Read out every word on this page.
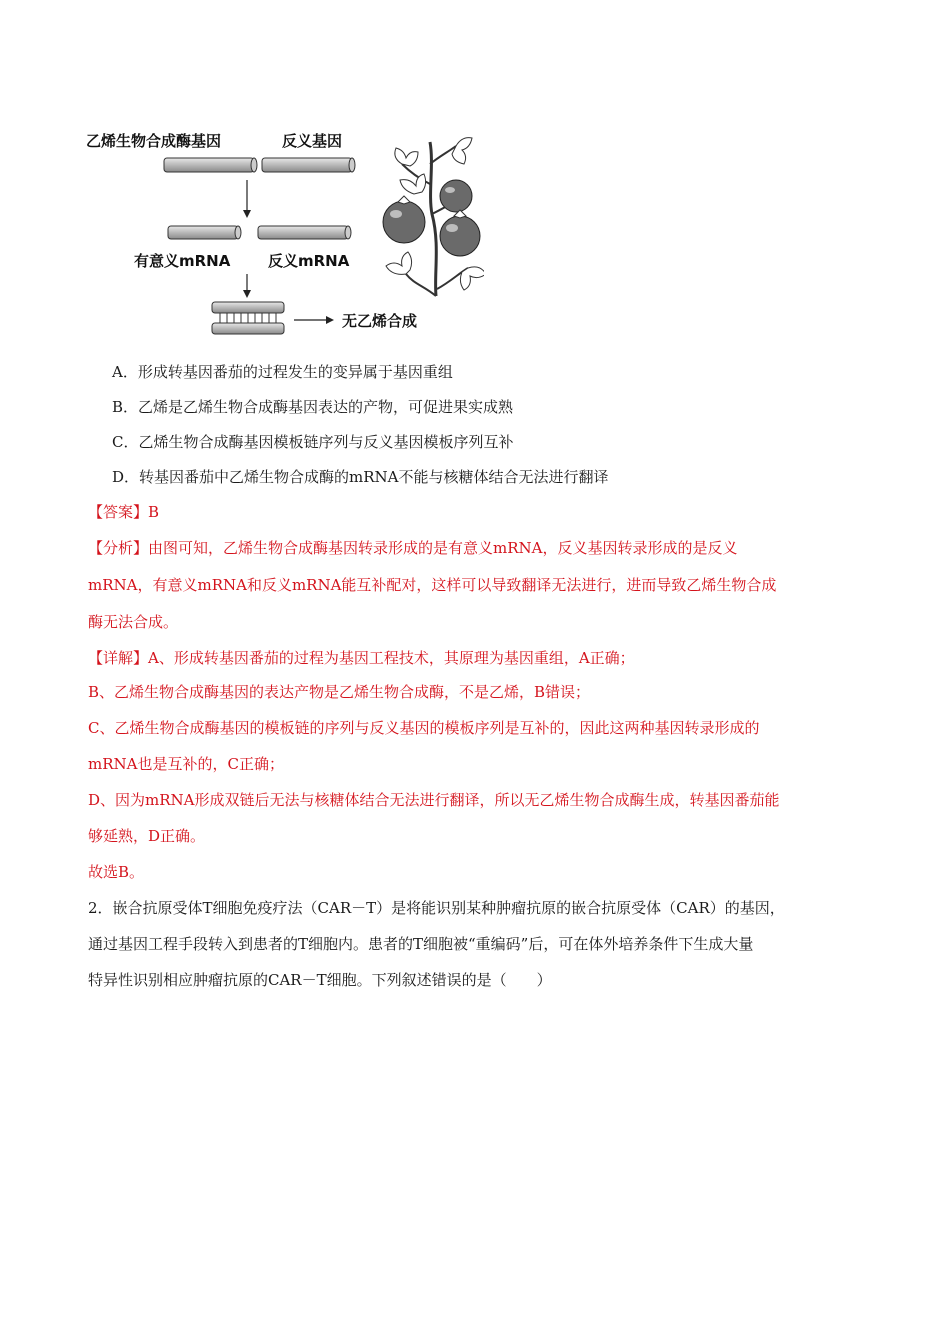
乙烯生物合成酶基因	反义基因
有意义mRNA	反义mRNA
无乙烯合成
A．形成转基因番茄的过程发生的变异属于基因重组
B．乙烯是乙烯生物合成酶基因表达的产物，可促进果实成熟
C．乙烯生物合成酶基因模板链序列与反义基因模板序列互补
D．转基因番茄中乙烯生物合成酶的mRNA不能与核糖体结合无法进行翻译
【答案】B
【分析】由图可知，乙烯生物合成酶基因转录形成的是有意义mRNA，反义基因转录形成的是反义
mRNA，有意义mRNA和反义mRNA能互补配对，这样可以导致翻译无法进行，进而导致乙烯生物合成
酶无法合成。
【详解】A、形成转基因番茄的过程为基因工程技术，其原理为基因重组，A正确；
B、乙烯生物合成酶基因的表达产物是乙烯生物合成酶，不是乙烯，B错误；
C、乙烯生物合成酶基因的模板链的序列与反义基因的模板序列是互补的，因此这两种基因转录形成的
mRNA也是互补的，C正确；
D、因为mRNA形成双链后无法与核糖体结合无法进行翻译，所以无乙烯生物合成酶生成，转基因番茄能
够延熟，D正确。
故选B。
2．嵌合抗原受体T细胞免疫疗法（CAR－T）是将能识别某种肿瘤抗原的嵌合抗原受体（CAR）的基因，
通过基因工程手段转入到患者的T细胞内。患者的T细胞被“重编码”后，可在体外培养条件下生成大量
特异性识别相应肿瘤抗原的CAR－T细胞。下列叙述错误的是（　　）
